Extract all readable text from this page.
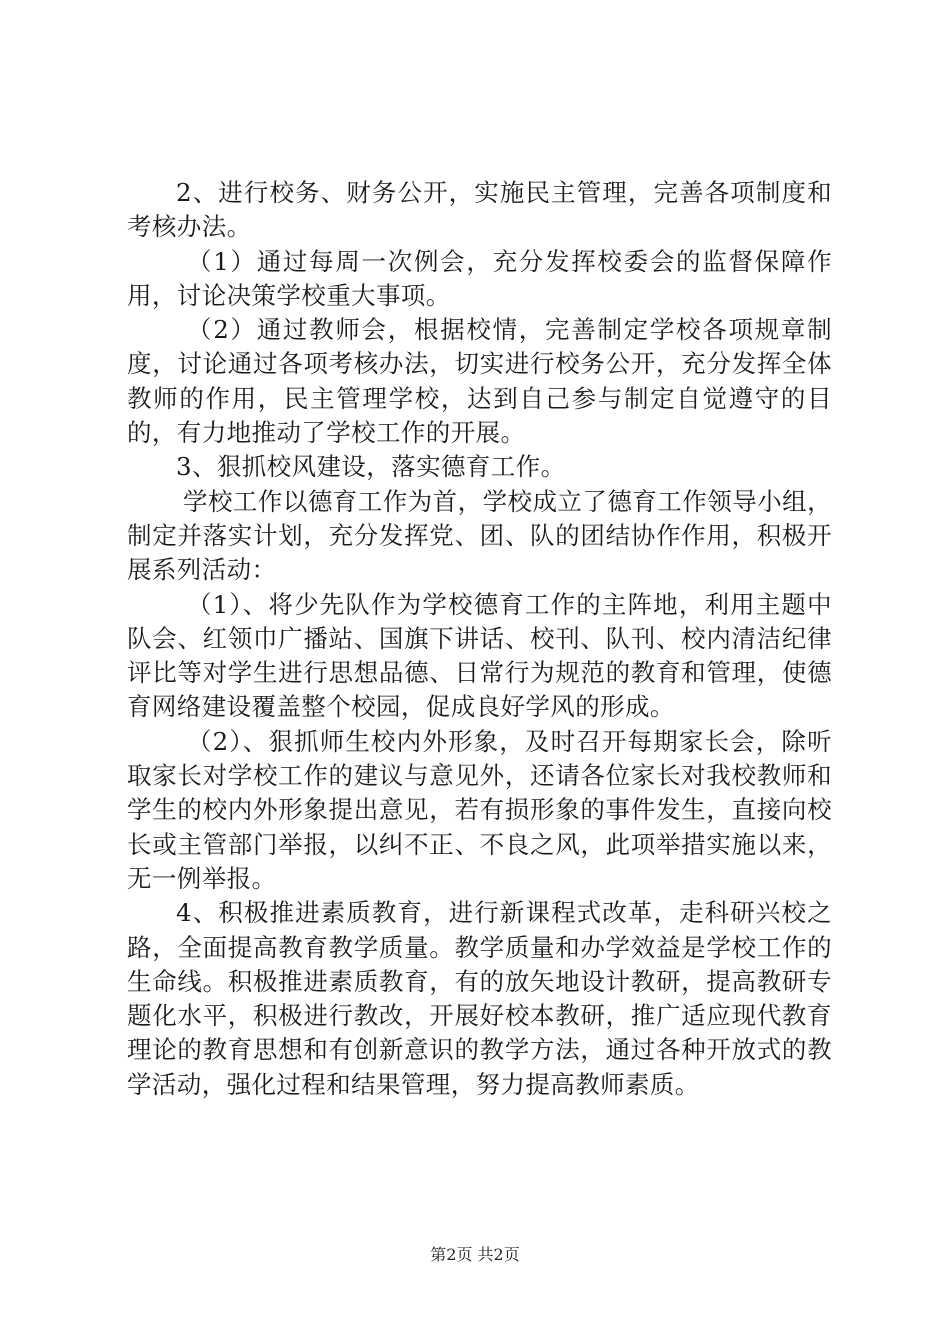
2、进行校务、财务公开，实施民主管理，完善各项制度和考核办法。

（1）通过每周一次例会，充分发挥校委会的监督保障作用，讨论决策学校重大事项。

（2）通过教师会，根据校情，完善制定学校各项规章制度，讨论通过各项考核办法，切实进行校务公开，充分发挥全体教师的作用，民主管理学校，达到自己参与制定自觉遵守的目的，有力地推动了学校工作的开展。

3、狠抓校风建设，落实德育工作。

学校工作以德育工作为首，学校成立了德育工作领导小组，制定并落实计划，充分发挥党、团、队的团结协作作用，积极开展系列活动：

（1）、将少先队作为学校德育工作的主阵地，利用主题中队会、红领巾广播站、国旗下讲话、校刊、队刊、校内清洁纪律评比等对学生进行思想品德、日常行为规范的教育和管理，使德育网络建设覆盖整个校园，促成良好学风的形成。

（2）、狠抓师生校内外形象，及时召开每期家长会，除听取家长对学校工作的建议与意见外，还请各位家长对我校教师和学生的校内外形象提出意见，若有损形象的事件发生，直接向校长或主管部门举报，以纠不正、不良之风，此项举措实施以来，无一例举报。

4、积极推进素质教育，进行新课程式改革，走科研兴校之路，全面提高教育教学质量。教学质量和办学效益是学校工作的生命线。积极推进素质教育，有的放矢地设计教研，提高教研专题化水平，积极进行教改，开展好校本教研，推广适应现代教育理论的教育思想和有创新意识的教学方法，通过各种开放式的教学活动，强化过程和结果管理，努力提高教师素质。

第2页 共2页
